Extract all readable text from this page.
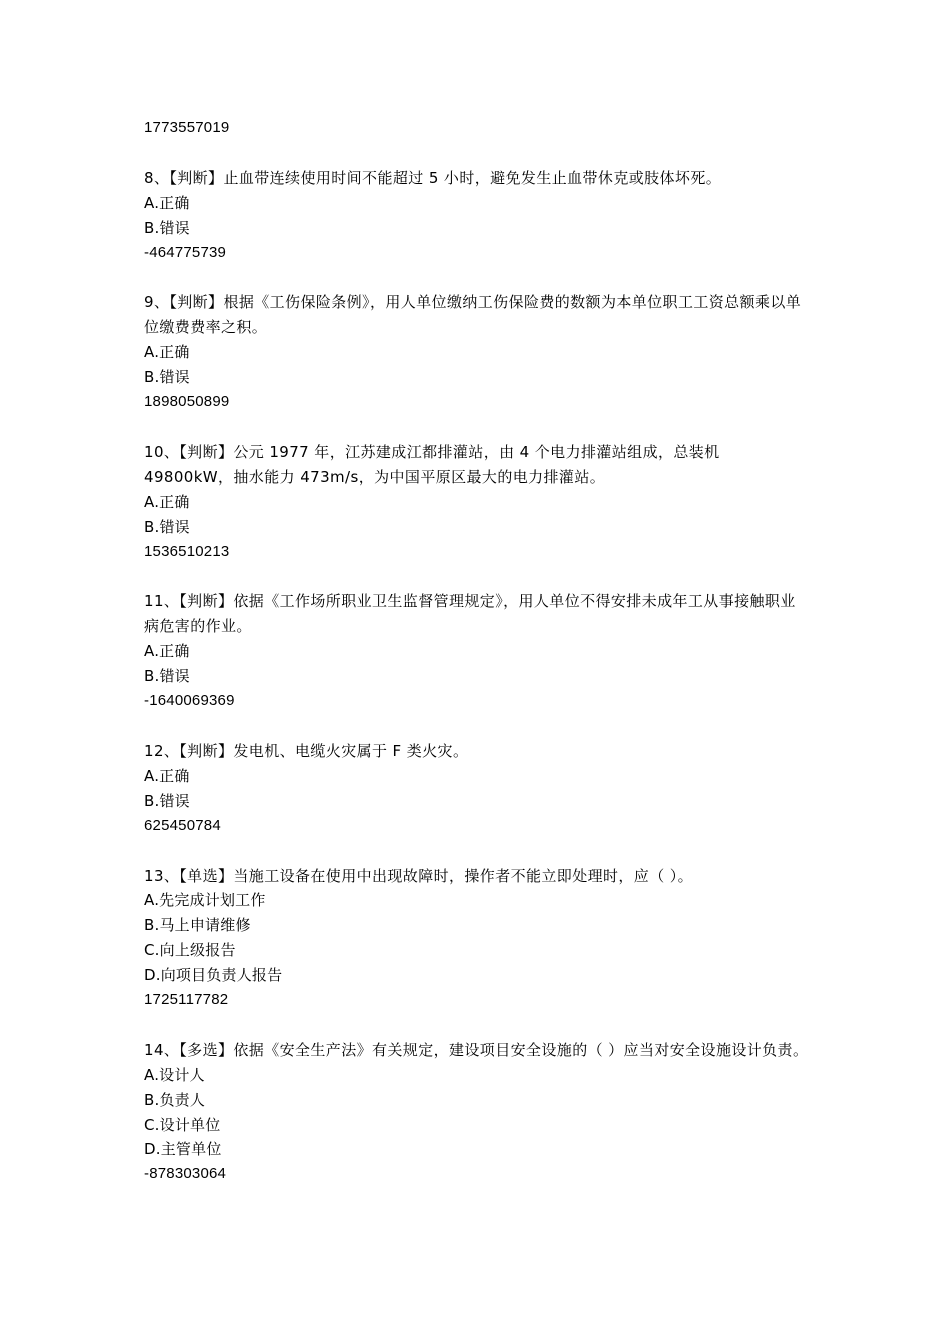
1773557019
8、【判断】止血带连续使用时间不能超过 5 小时，避免发生止血带休克或肢体坏死。
A.正确
B.错误
-464775739
9、【判断】根据《工伤保险条例》，用人单位缴纳工伤保险费的数额为本单位职工工资总额乘以单位缴费费率之积。
A.正确
B.错误
1898050899
10、【判断】公元 1977 年，江苏建成江都排灌站，由 4 个电力排灌站组成，总装机 49800kW，抽水能力 473m/s，为中国平原区最大的电力排灌站。
A.正确
B.错误
1536510213
11、【判断】依据《工作场所职业卫生监督管理规定》，用人单位不得安排未成年工从事接触职业病危害的作业。
A.正确
B.错误
-1640069369
12、【判断】发电机、电缆火灾属于 F 类火灾。
A.正确
B.错误
625450784
13、【单选】当施工设备在使用中出现故障时，操作者不能立即处理时，应（ ）。
A.先完成计划工作
B.马上申请维修
C.向上级报告
D.向项目负责人报告
1725117782
14、【多选】依据《安全生产法》有关规定，建设项目安全设施的（ ）应当对安全设施设计负责。
A.设计人
B.负责人
C.设计单位
D.主管单位
-878303064
